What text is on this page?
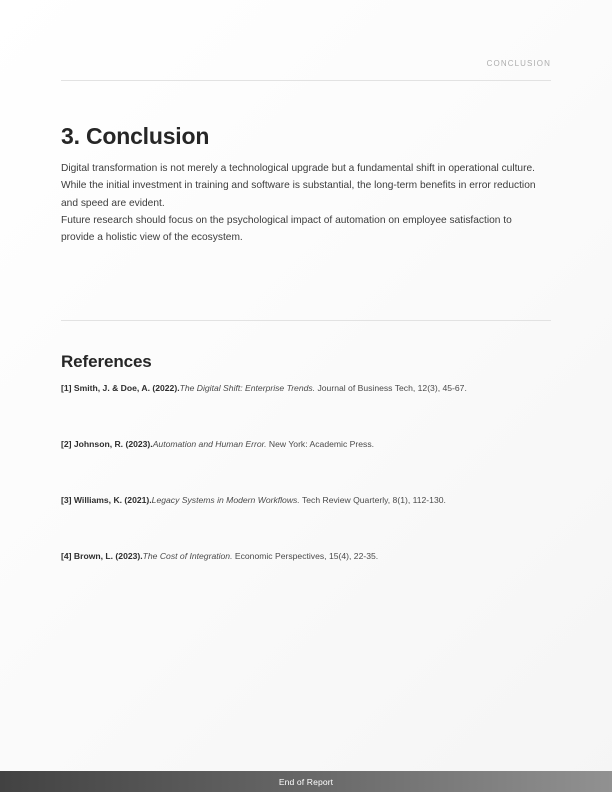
CONCLUSION
3. Conclusion

Digital transformation is not merely a technological upgrade but a fundamental shift in operational culture. While the initial investment in training and software is substantial, the long-term benefits in error reduction and speed are evident.

Future research should focus on the psychological impact of automation on employee satisfaction to provide a holistic view of the ecosystem.

References
[1] Smith, J. & Doe, A. (2022).The Digital Shift: Enterprise Trends. Journal of Business Tech, 12(3), 45-67.
[2] Johnson, R. (2023).Automation and Human Error. New York: Academic Press.
[3] Williams, K. (2021).Legacy Systems in Modern Workflows. Tech Review Quarterly, 8(1), 112-130.
[4] Brown, L. (2023).The Cost of Integration. Economic Perspectives, 15(4), 22-35.
End of Report
